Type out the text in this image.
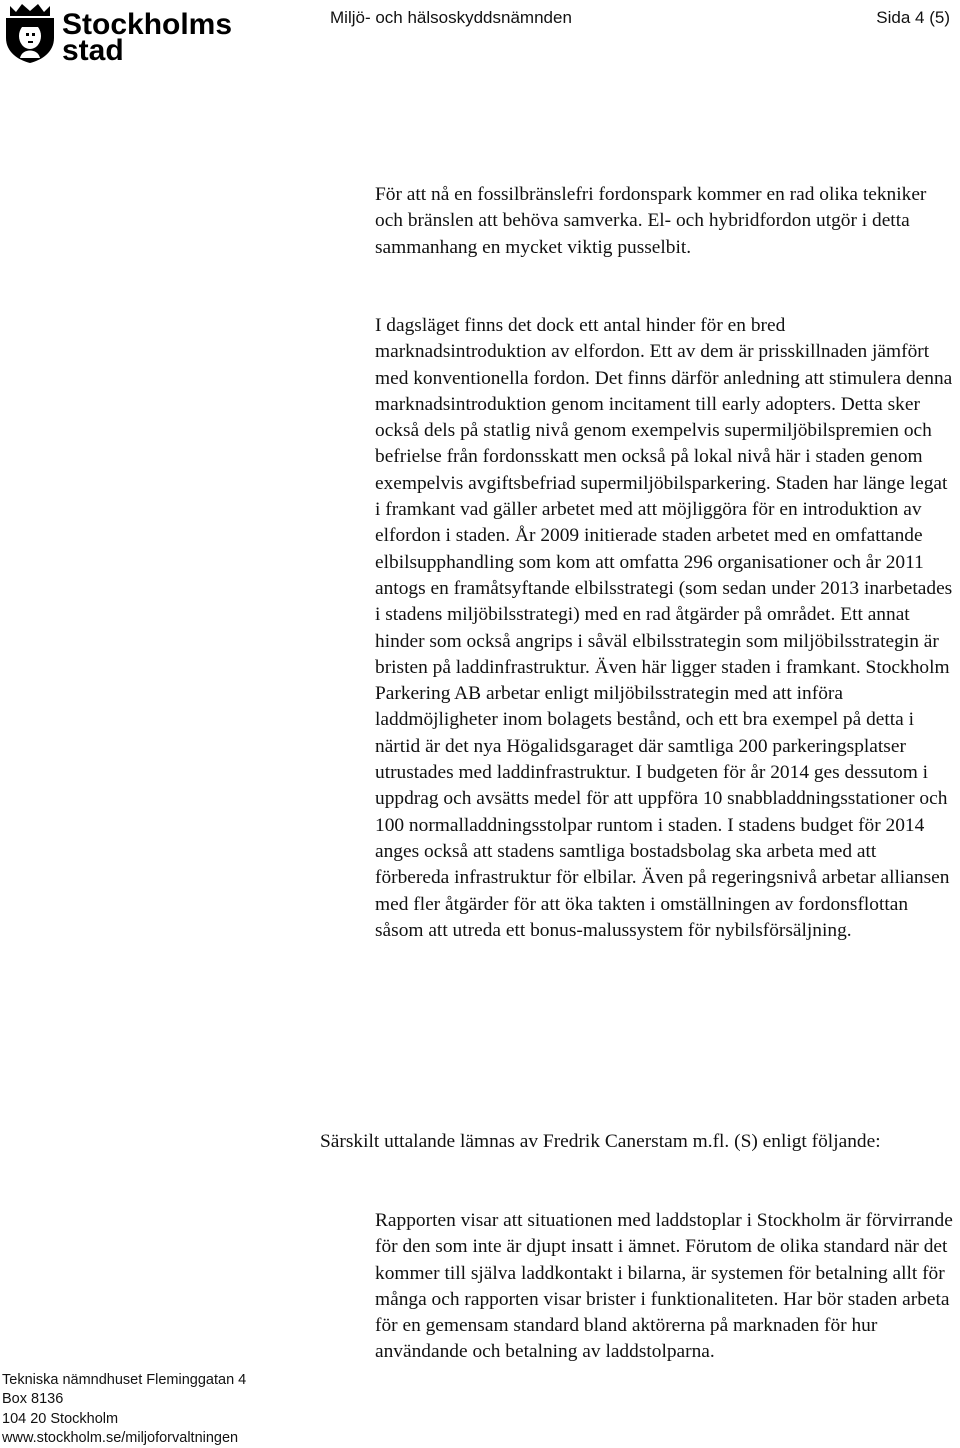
Stockholms
stad
Miljö- och hälsoskyddsnämnden	Sida 4 (5)

För att nå en fossilbränslefri fordonspark kommer en rad olika tekniker och bränslen att behöva samverka. El- och hybridfordon utgör i detta sammanhang en mycket viktig pusselbit.

I dagsläget finns det dock ett antal hinder för en bred marknadsintroduktion av elfordon. Ett av dem är prisskillnaden jämfört med konventionella fordon. Det finns därför anledning att stimulera denna marknadsintroduktion genom incitament till early adopters. Detta sker också dels på statlig nivå genom exempelvis supermiljöbilspremien och befrielse från fordonsskatt men också på lokal nivå här i staden genom exempelvis avgiftsbefriad supermiljöbilsparkering. Staden har länge legat i framkant vad gäller arbetet med att möjliggöra för en introduktion av elfordon i staden. År 2009 initierade staden arbetet med en omfattande elbilsupphandling som kom att omfatta 296 organisationer och år 2011 antogs en framåtsyftande elbilsstrategi (som sedan under 2013 inarbetades i stadens miljöbilsstrategi) med en rad åtgärder på området. Ett annat hinder som också angrips i såväl elbilsstrategin som miljöbilsstrategin är bristen på laddinfrastruktur. Även här ligger staden i framkant. Stockholm Parkering AB arbetar enligt miljöbilsstrategin med att införa laddmöjligheter inom bolagets bestånd, och ett bra exempel på detta i närtid är det nya Högalidsgaraget där samtliga 200 parkeringsplatser utrustades med laddinfrastruktur. I budgeten för år 2014 ges dessutom i uppdrag och avsätts medel för att uppföra 10 snabbladdningsstationer och 100 normalladdningsstolpar runtom i staden. I stadens budget för 2014 anges också att stadens samtliga bostadsbolag ska arbeta med att förbereda infrastruktur för elbilar. Även på regeringsnivå arbetar alliansen med fler åtgärder för att öka takten i omställningen av fordonsflottan såsom att utreda ett bonus-malussystem för nybilsförsäljning.

Särskilt uttalande lämnas av Fredrik Canerstam m.fl. (S) enligt följande:

Rapporten visar att situationen med laddstoplar i Stockholm är förvirrande för den som inte är djupt insatt i ämnet. Förutom de olika standard när det kommer till själva laddkontakt i bilarna, är systemen för betalning allt för många och rapporten visar brister i funktionaliteten. Har bör staden arbeta för en gemensam standard bland aktörerna på marknaden för hur användande och betalning av laddstolparna.

Tekniska nämndhuset Fleminggatan 4
Box 8136
104 20 Stockholm
www.stockholm.se/miljoforvaltningen
